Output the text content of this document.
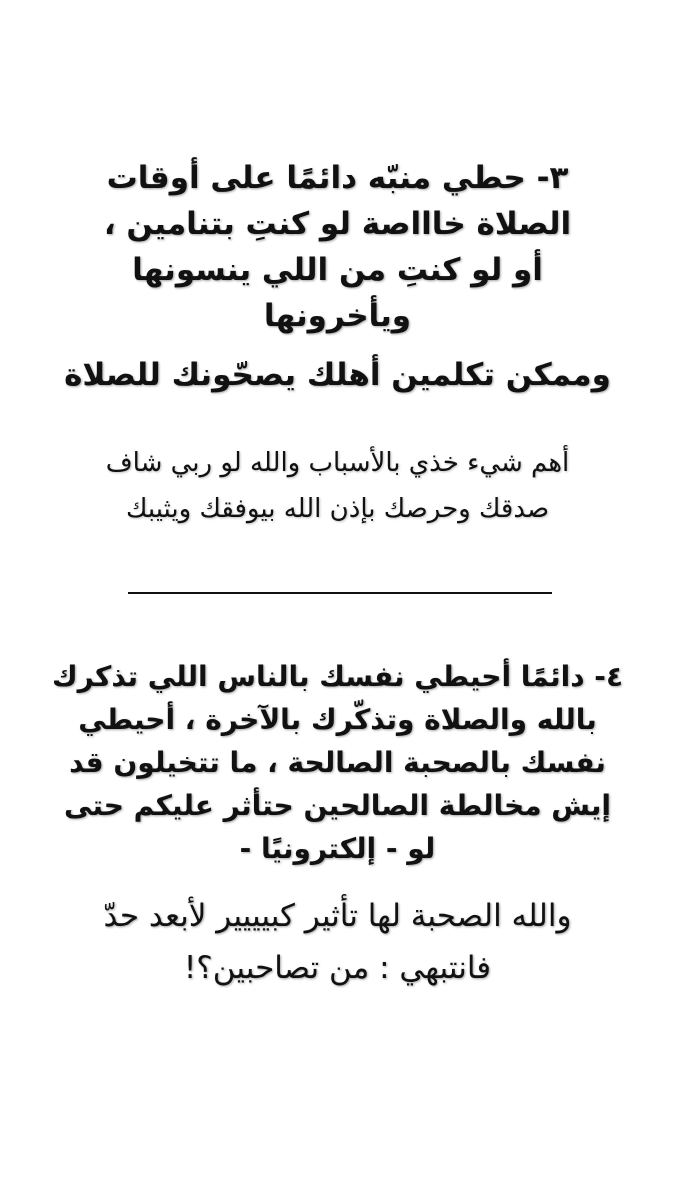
٣- حطي منبّه دائمًا على أوقات
الصلاة خاااصة لو كنتِ بتنامين ،
أو لو كنتِ من اللي ينسونها
ويأخرونها
وممكن تكلمين أهلك يصحّونك للصلاة
أهم شيء خذي بالأسباب والله لو ربي شاف
صدقك وحرصك بإذن الله بيوفقك ويثيبك
٤- دائمًا أحيطي نفسك بالناس اللي تذكرك
بالله والصلاة وتذكّرك بالآخرة ، أحيطي
نفسك بالصحبة الصالحة ، ما تتخيلون قد
إيش مخالطة الصالحين حتأثر عليكم حتى
لو - إلكترونيًا -
والله الصحبة لها تأثير كبيييير لأبعد حدّ
فانتبهي : من تصاحبين؟!
